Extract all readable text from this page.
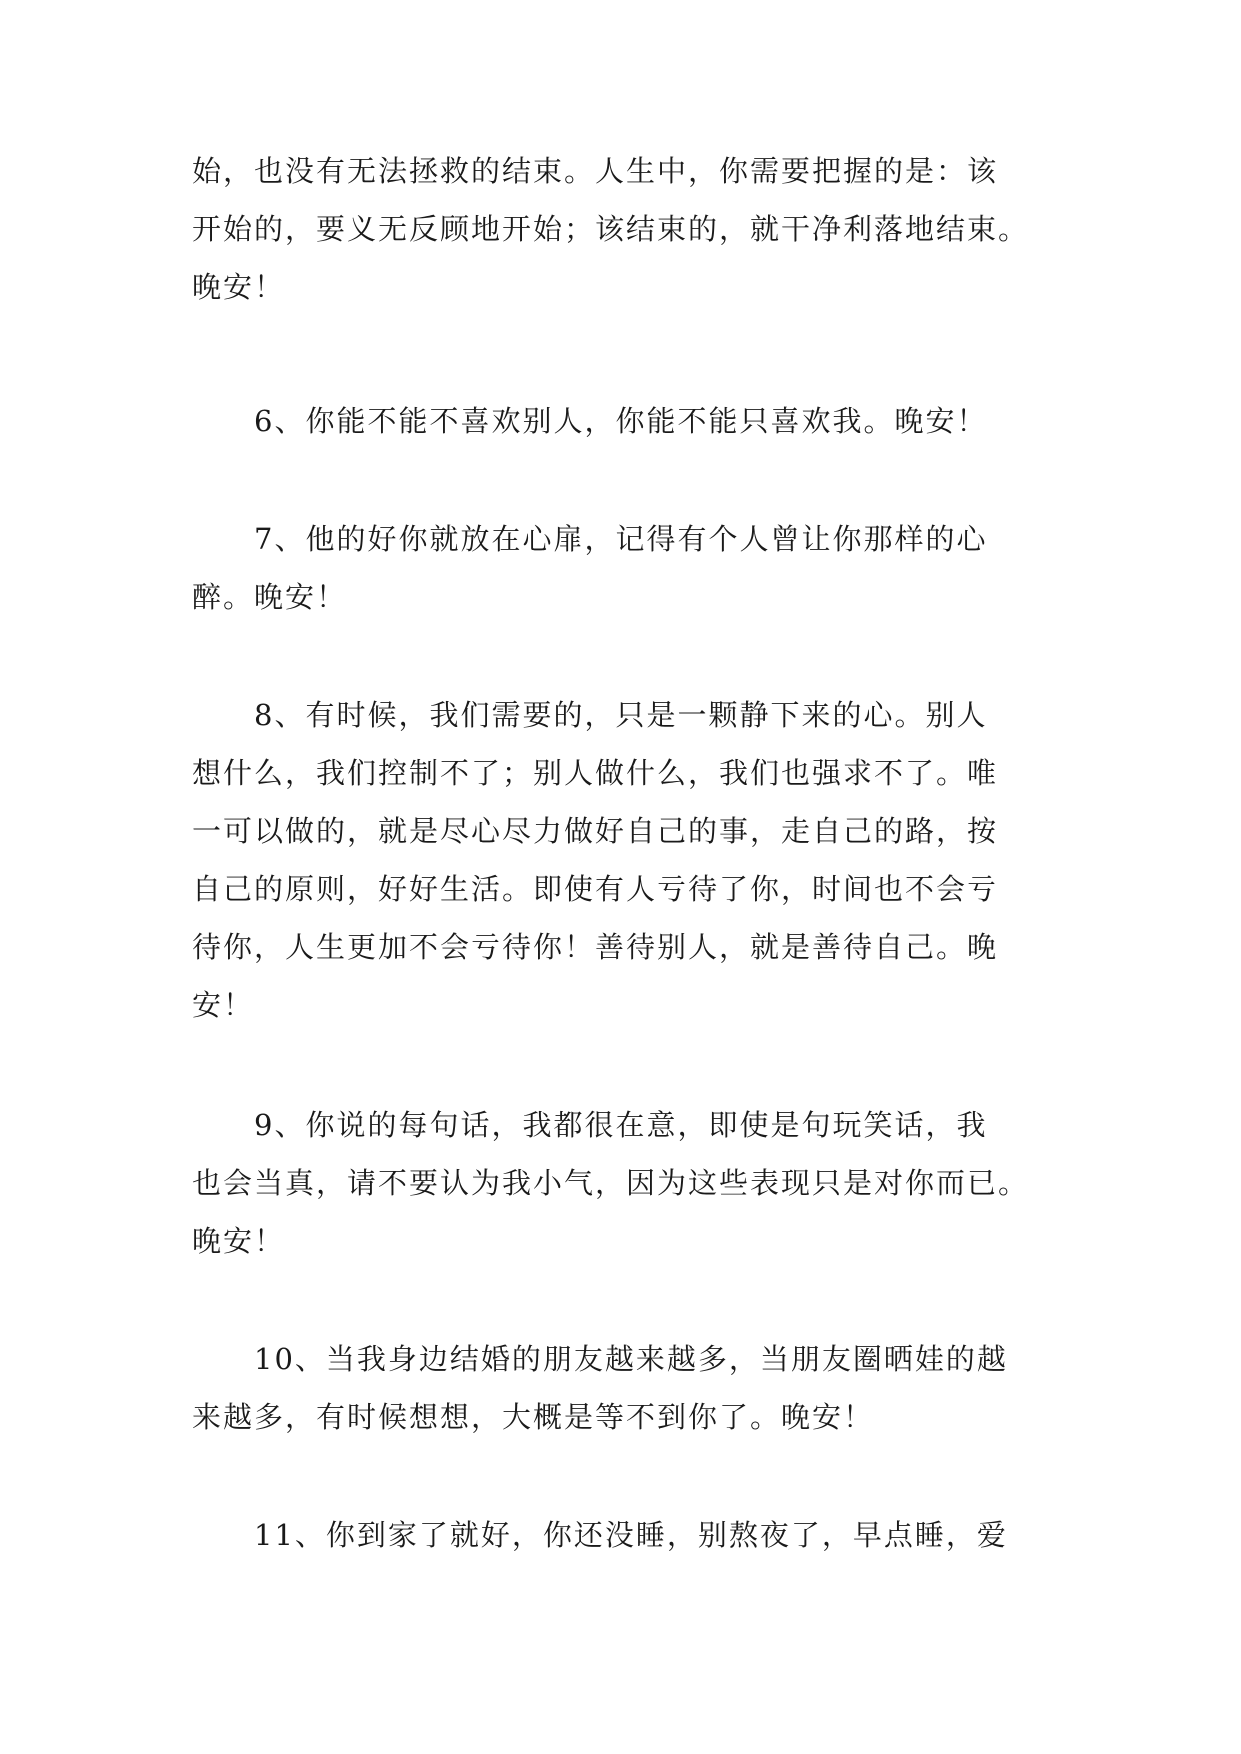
始，也没有无法拯救的结束。人生中，你需要把握的是：该
开始的，要义无反顾地开始；该结束的，就干净利落地结束。
晚安！

6、你能不能不喜欢别人，你能不能只喜欢我。晚安！

7、他的好你就放在心扉，记得有个人曾让你那样的心
醉。晚安！

8、有时候，我们需要的，只是一颗静下来的心。别人
想什么，我们控制不了；别人做什么，我们也强求不了。唯
一可以做的，就是尽心尽力做好自己的事，走自己的路，按
自己的原则，好好生活。即使有人亏待了你，时间也不会亏
待你，人生更加不会亏待你！善待别人，就是善待自己。晚
安！

9、你说的每句话，我都很在意，即使是句玩笑话，我
也会当真，请不要认为我小气，因为这些表现只是对你而已。
晚安！

10、当我身边结婚的朋友越来越多，当朋友圈晒娃的越
来越多，有时候想想，大概是等不到你了。晚安！

11、你到家了就好，你还没睡，别熬夜了，早点睡，爱
